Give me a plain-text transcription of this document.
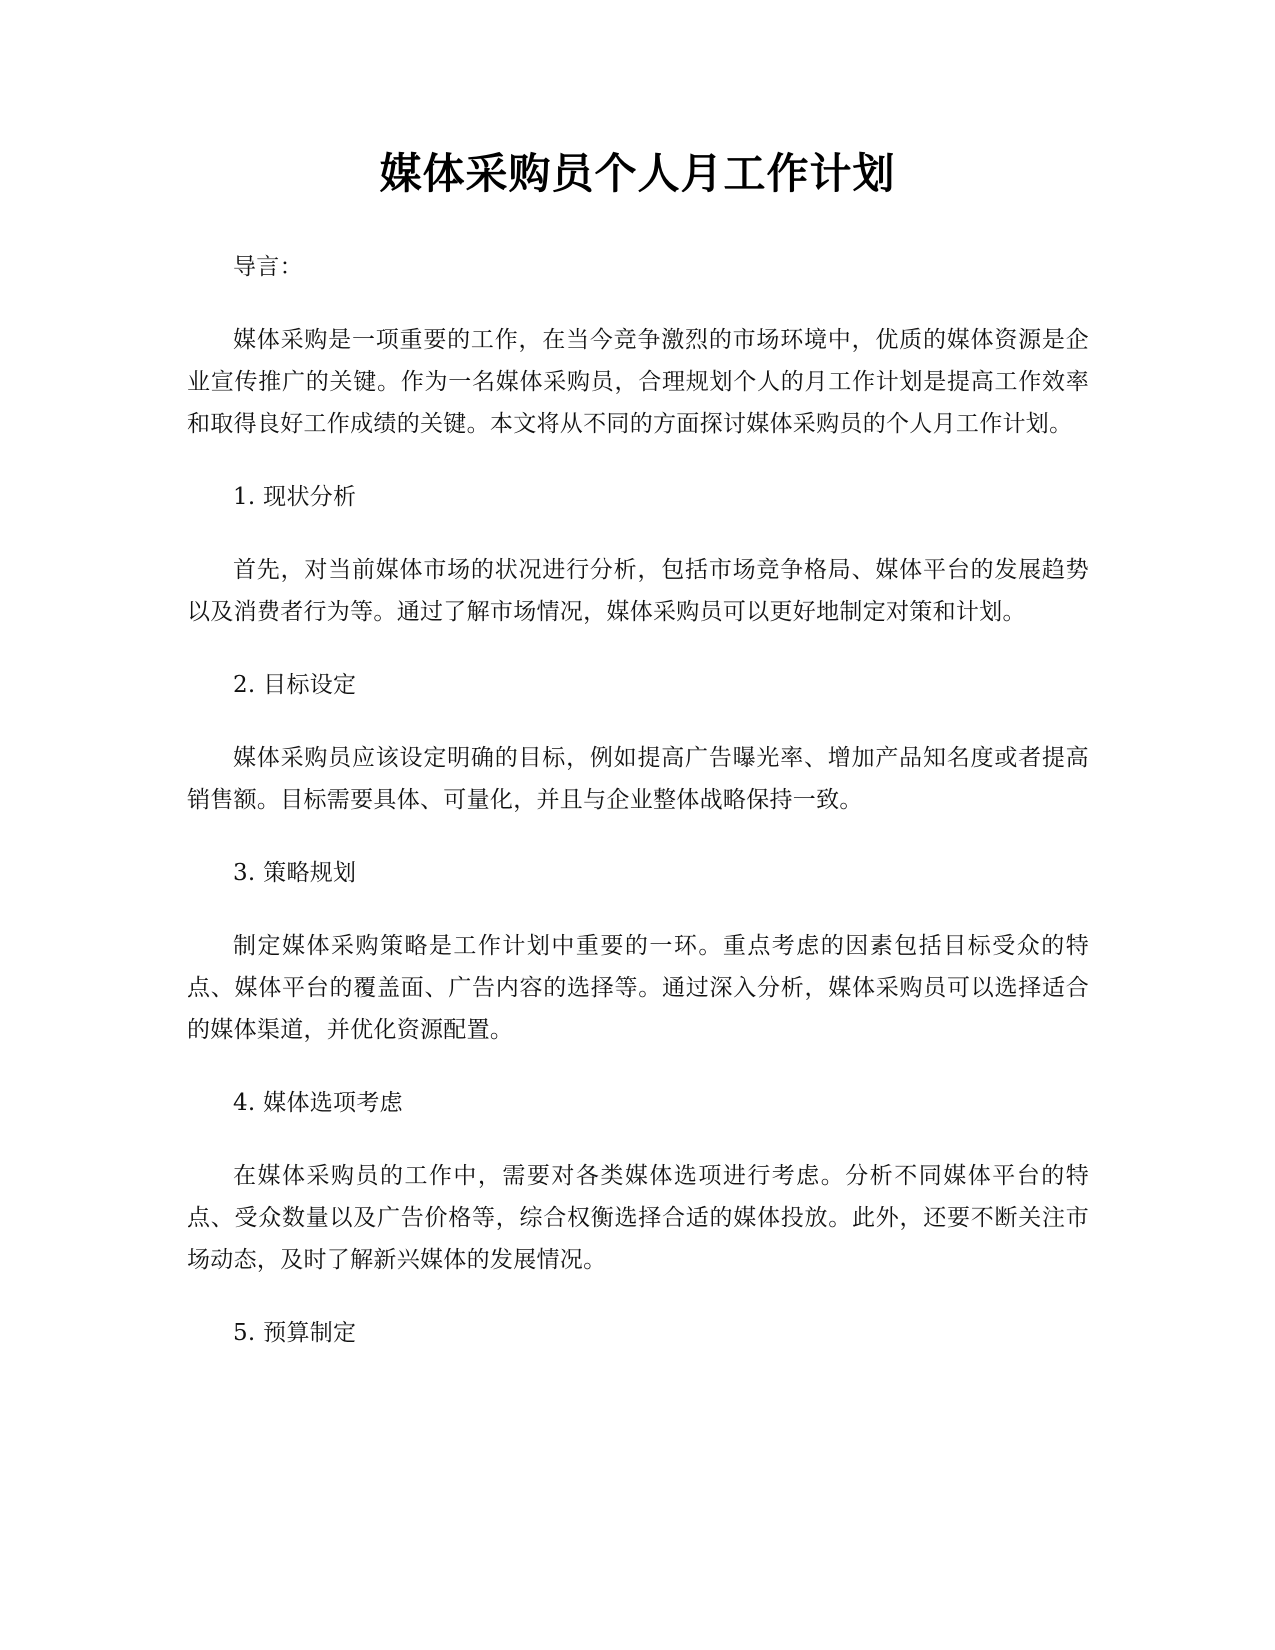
媒体采购员个人月工作计划

导言：

媒体采购是一项重要的工作，在当今竞争激烈的市场环境中，优质的媒体资源是企业宣传推广的关键。作为一名媒体采购员，合理规划个人的月工作计划是提高工作效率和取得良好工作成绩的关键。本文将从不同的方面探讨媒体采购员的个人月工作计划。

1. 现状分析

首先，对当前媒体市场的状况进行分析，包括市场竞争格局、媒体平台的发展趋势以及消费者行为等。通过了解市场情况，媒体采购员可以更好地制定对策和计划。

2. 目标设定

媒体采购员应该设定明确的目标，例如提高广告曝光率、增加产品知名度或者提高销售额。目标需要具体、可量化，并且与企业整体战略保持一致。

3. 策略规划

制定媒体采购策略是工作计划中重要的一环。重点考虑的因素包括目标受众的特点、媒体平台的覆盖面、广告内容的选择等。通过深入分析，媒体采购员可以选择适合的媒体渠道，并优化资源配置。

4. 媒体选项考虑

在媒体采购员的工作中，需要对各类媒体选项进行考虑。分析不同媒体平台的特点、受众数量以及广告价格等，综合权衡选择合适的媒体投放。此外，还要不断关注市场动态，及时了解新兴媒体的发展情况。

5. 预算制定
